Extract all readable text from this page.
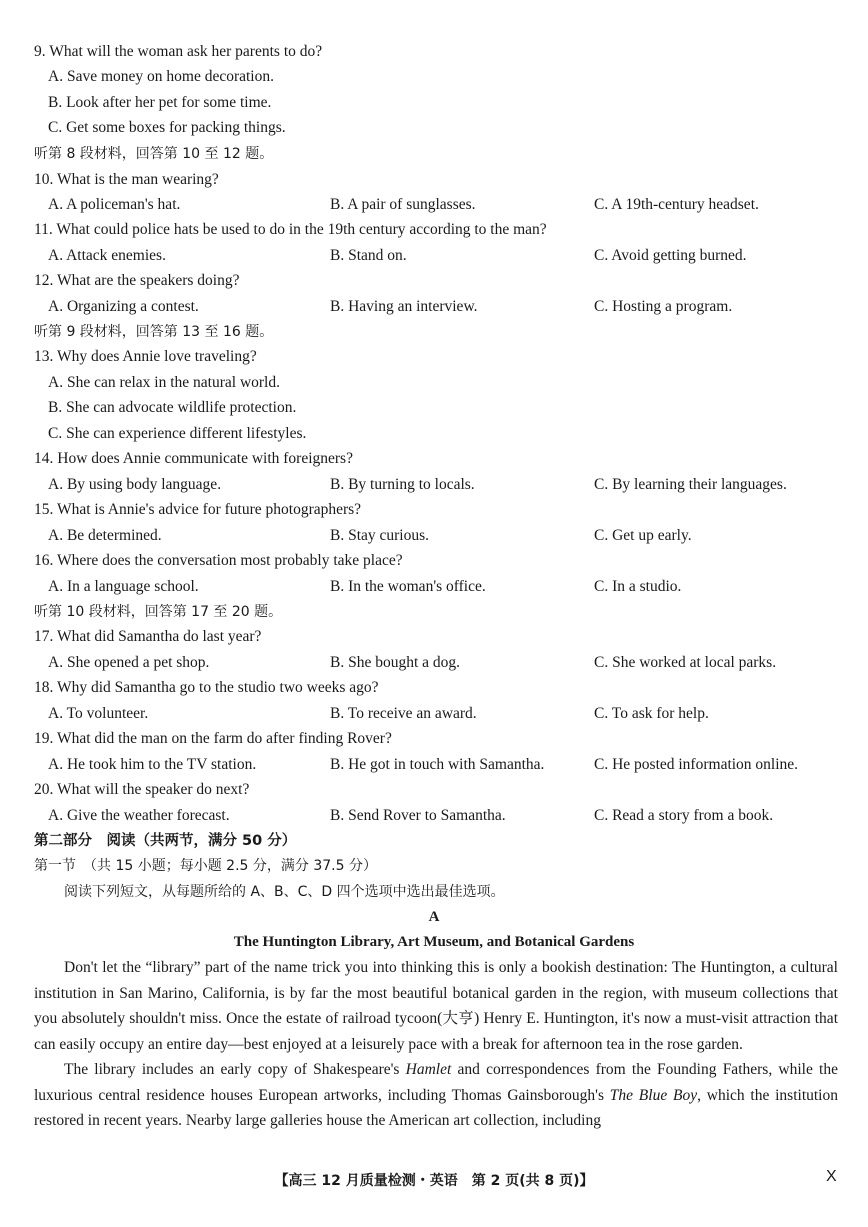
9. What will the woman ask her parents to do?
A. Save money on home decoration.
B. Look after her pet for some time.
C. Get some boxes for packing things.
听第 8 段材料，回答第 10 至 12 题。
10. What is the man wearing?
A. A policeman's hat.	B. A pair of sunglasses.	C. A 19th-century headset.
11. What could police hats be used to do in the 19th century according to the man?
A. Attack enemies.	B. Stand on.	C. Avoid getting burned.
12. What are the speakers doing?
A. Organizing a contest.	B. Having an interview.	C. Hosting a program.
听第 9 段材料，回答第 13 至 16 题。
13. Why does Annie love traveling?
A. She can relax in the natural world.
B. She can advocate wildlife protection.
C. She can experience different lifestyles.
14. How does Annie communicate with foreigners?
A. By using body language.	B. By turning to locals.	C. By learning their languages.
15. What is Annie's advice for future photographers?
A. Be determined.	B. Stay curious.	C. Get up early.
16. Where does the conversation most probably take place?
A. In a language school.	B. In the woman's office.	C. In a studio.
听第 10 段材料，回答第 17 至 20 题。
17. What did Samantha do last year?
A. She opened a pet shop.	B. She bought a dog.	C. She worked at local parks.
18. Why did Samantha go to the studio two weeks ago?
A. To volunteer.	B. To receive an award.	C. To ask for help.
19. What did the man on the farm do after finding Rover?
A. He took him to the TV station.	B. He got in touch with Samantha.	C. He posted information online.
20. What will the speaker do next?
A. Give the weather forecast.	B. Send Rover to Samantha.	C. Read a story from a book.
第二部分　阅读（共两节，满分 50 分）
第一节　（共 15 小题；每小题 2.5 分，满分 37.5 分）
阅读下列短文，从每题所给的 A、B、C、D 四个选项中选出最佳选项。
A
The Huntington Library, Art Museum, and Botanical Gardens
Don't let the “library” part of the name trick you into thinking this is only a bookish destination: The Huntington, a cultural institution in San Marino, California, is by far the most beautiful botanical garden in the region, with museum collections that you absolutely shouldn't miss. Once the estate of railroad tycoon(大亨) Henry E. Huntington, it's now a must-visit attraction that can easily occupy an entire day—best enjoyed at a leisurely pace with a break for afternoon tea in the rose garden.
The library includes an early copy of Shakespeare's Hamlet and correspondences from the Founding Fathers, while the luxurious central residence houses European artworks, including Thomas Gainsborough's The Blue Boy, which the institution restored in recent years. Nearby large galleries house the American art collection, including
【高三 12 月质量检测・英语　第 2 页(共 8 页)】	X
